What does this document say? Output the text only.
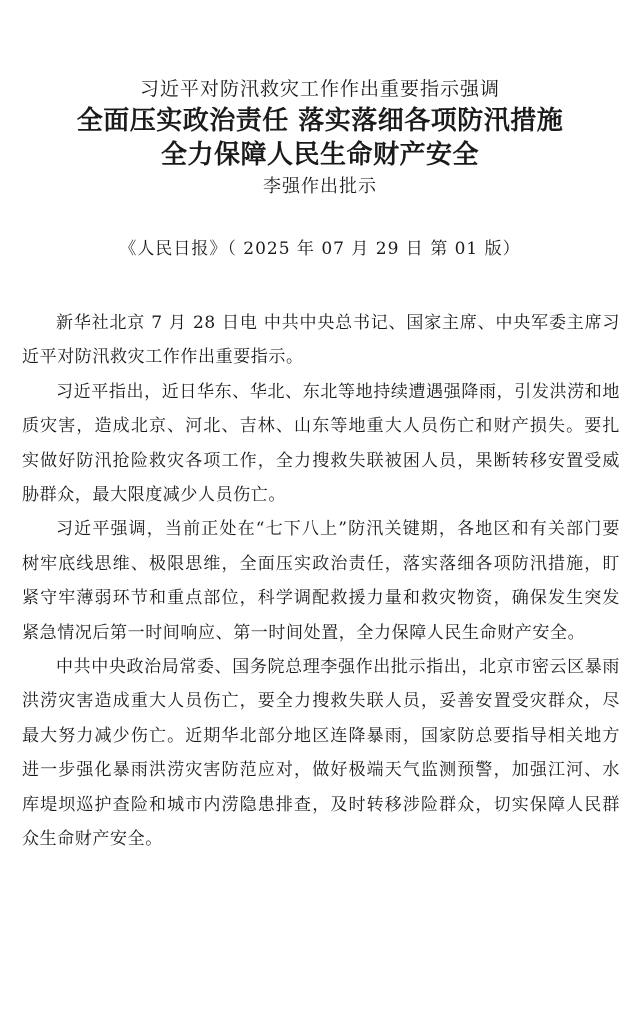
习近平对防汛救灾工作作出重要指示强调
全面压实政治责任 落实落细各项防汛措施
全力保障人民生命财产安全
李强作出批示
《人民日报》（ 2025 年 07 月 29 日 第 01 版）

新华社北京 7 月 28 日电 中共中央总书记、国家主席、中央军委主席习近平对防汛救灾工作作出重要指示。

习近平指出，近日华东、华北、东北等地持续遭遇强降雨，引发洪涝和地质灾害，造成北京、河北、吉林、山东等地重大人员伤亡和财产损失。要扎实做好防汛抢险救灾各项工作，全力搜救失联被困人员，果断转移安置受威胁群众，最大限度减少人员伤亡。

习近平强调，当前正处在“七下八上”防汛关键期，各地区和有关部门要树牢底线思维、极限思维，全面压实政治责任，落实落细各项防汛措施，盯紧守牢薄弱环节和重点部位，科学调配救援力量和救灾物资，确保发生突发紧急情况后第一时间响应、第一时间处置，全力保障人民生命财产安全。

中共中央政治局常委、国务院总理李强作出批示指出，北京市密云区暴雨洪涝灾害造成重大人员伤亡，要全力搜救失联人员，妥善安置受灾群众，尽最大努力减少伤亡。近期华北部分地区连降暴雨，国家防总要指导相关地方进一步强化暴雨洪涝灾害防范应对，做好极端天气监测预警，加强江河、水库堤坝巡护查险和城市内涝隐患排查，及时转移涉险群众，切实保障人民群众生命财产安全。
